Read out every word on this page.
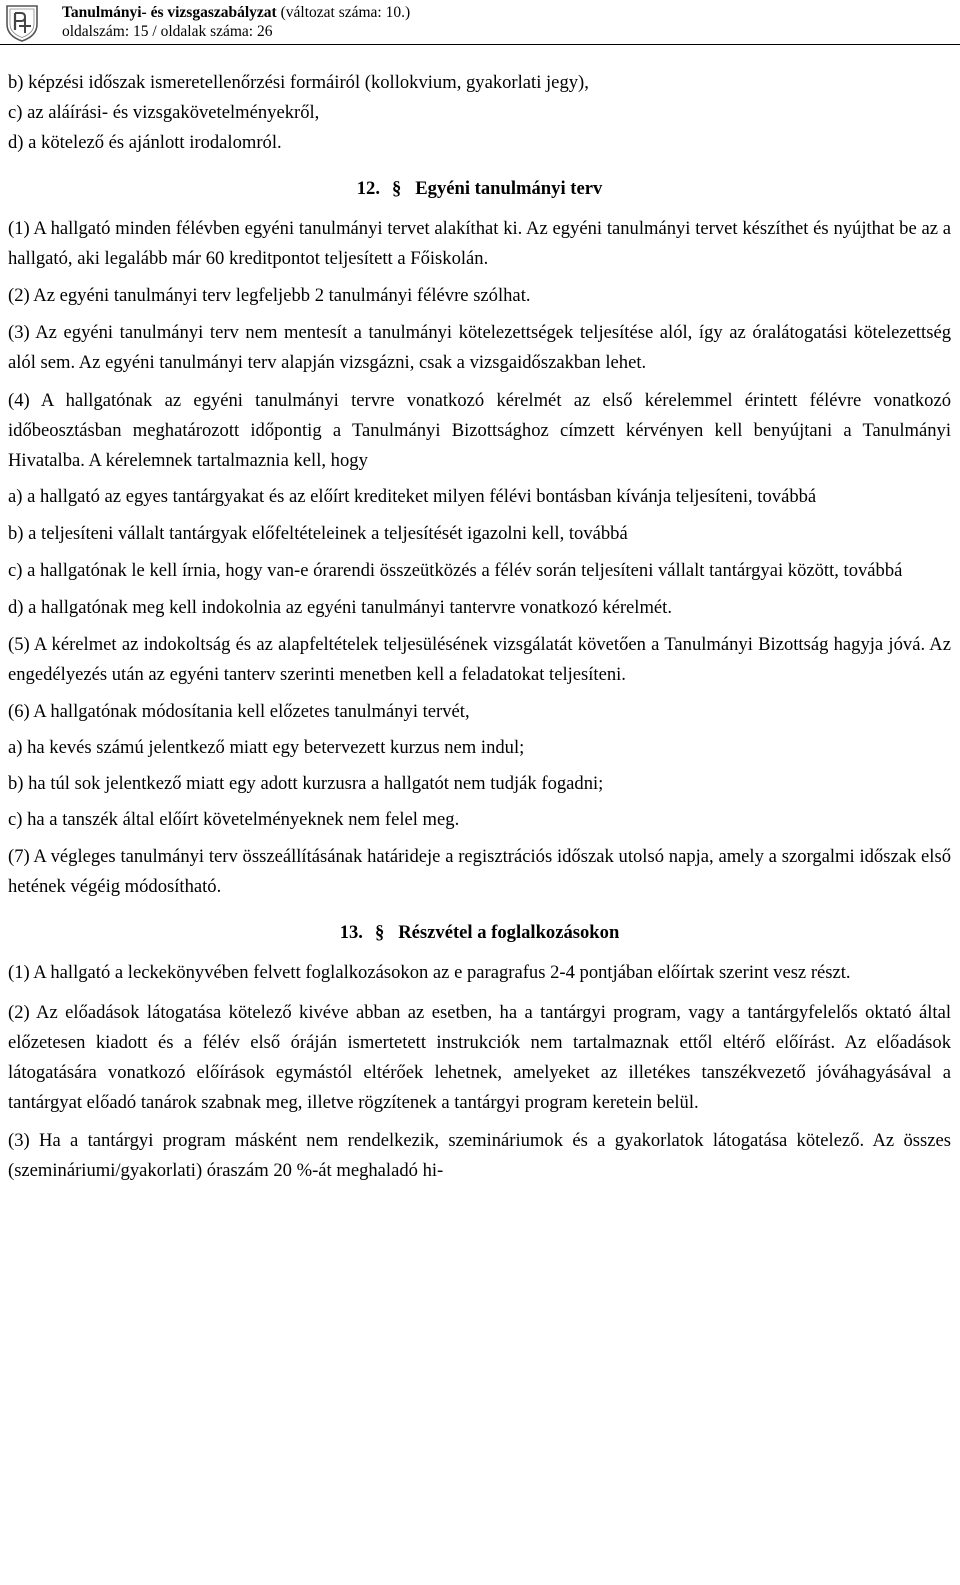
Tanulmányi- és vizsgaszabályzat (változat száma: 10.)
oldalszám: 15 / oldalak száma: 26

b) képzési időszak ismeretellenőrzési formáiról (kollokvium, gyakorlati jegy),

c) az aláírási- és vizsgakövetelményekről,

d) a kötelező és ajánlott irodalomról.

12. § Egyéni tanulmányi terv

(1) A hallgató minden félévben egyéni tanulmányi tervet alakíthat ki. Az egyéni tanulmányi tervet készíthet és nyújthat be az a hallgató, aki legalább már 60 kreditpontot teljesített a Főiskolán.

(2) Az egyéni tanulmányi terv legfeljebb 2 tanulmányi félévre szólhat.

(3) Az egyéni tanulmányi terv nem mentesít a tanulmányi kötelezettségek teljesítése alól, így az óralátogatási kötelezettség alól sem. Az egyéni tanulmányi terv alapján vizsgázni, csak a vizsgaidőszakban lehet.

(4) A hallgatónak az egyéni tanulmányi tervre vonatkozó kérelmét az első kérelemmel érintett félévre vonatkozó időbeosztásban meghatározott időpontig a Tanulmányi Bizottsághoz címzett kérvényen kell benyújtani a Tanulmányi Hivatalba. A kérelemnek tartalmaznia kell, hogy

a) a hallgató az egyes tantárgyakat és az előírt krediteket milyen félévi bontásban kívánja teljesíteni, továbbá

b) a teljesíteni vállalt tantárgyak előfeltételeinek a teljesítését igazolni kell, továbbá

c) a hallgatónak le kell írnia, hogy van-e órarendi összeütközés a félév során teljesíteni vállalt tantárgyai között, továbbá

d) a hallgatónak meg kell indokolnia az egyéni tanulmányi tantervre vonatkozó kérelmét.

(5) A kérelmet az indokoltság és az alapfeltételek teljesülésének vizsgálatát követően a Tanulmányi Bizottság hagyja jóvá. Az engedélyezés után az egyéni tanterv szerinti menetben kell a feladatokat teljesíteni.

(6) A hallgatónak módosítania kell előzetes tanulmányi tervét,

a) ha kevés számú jelentkező miatt egy betervezett kurzus nem indul;

b) ha túl sok jelentkező miatt egy adott kurzusra a hallgatót nem tudják fogadni;

c) ha a tanszék által előírt követelményeknek nem felel meg.

(7) A végleges tanulmányi terv összeállításának határideje a regisztrációs időszak utolsó napja, amely a szorgalmi időszak első hetének végéig módosítható.

13. § Részvétel a foglalkozásokon

(1) A hallgató a leckekönyvében felvett foglalkozásokon az e paragrafus 2-4 pontjában előírtak szerint vesz részt.

(2) Az előadások látogatása kötelező kivéve abban az esetben, ha a tantárgyi program, vagy a tantárgyfelelős oktató által előzetesen kiadott és a félév első óráján ismertetett instrukciók nem tartalmaznak ettől eltérő előírást. Az előadások látogatására vonatkozó előírások egymástól eltérőek lehetnek, amelyeket az illetékes tanszékvezető jóváhagyásával a tantárgyat előadó tanárok szabnak meg, illetve rögzítenek a tantárgyi program keretein belül.

(3) Ha a tantárgyi program másként nem rendelkezik, szemináriumok és a gyakorlatok látogatása kötelező. Az összes (szemináriumi/gyakorlati) óraszám 20 %-át meghaladó hi-
